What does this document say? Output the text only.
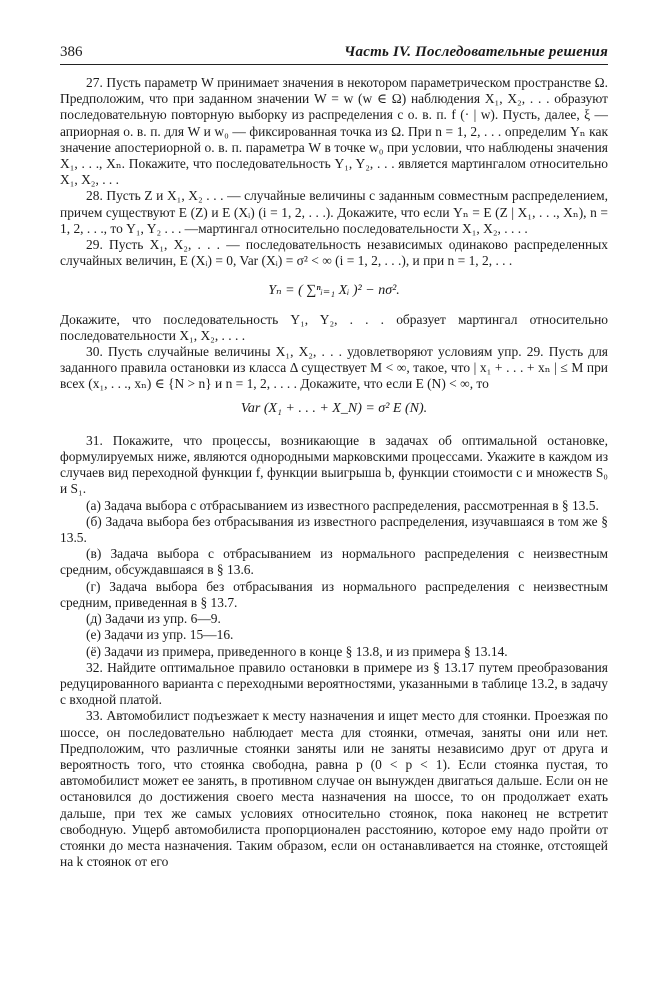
386	Часть IV. Последовательные решения

27. Пусть параметр W принимает значения в некотором параметрическом пространстве Ω. Предположим, что при заданном значении W = w (w ∈ Ω) наблюдения X₁, X₂, . . . образуют последовательную повторную выборку из распределения с о. в. п. f (· | w). Пусть, далее, ξ — априорная о. в. п. для W и w₀ — фиксированная точка из Ω. При n = 1, 2, . . . определим Yₙ как значение апостериорной о. в. п. параметра W в точке w₀ при условии, что наблюдены значения X₁, . . ., Xₙ. Покажите, что последовательность Y₁, Y₂, . . . является мартингалом относительно X₁, X₂, . . .

28. Пусть Z и X₁, X₂ . . . — случайные величины с заданным совместным распределением, причем существуют E (Z) и E (Xᵢ) (i = 1, 2, . . .). Докажите, что если Yₙ = E (Z | X₁, . . ., Xₙ), n = 1, 2, . . ., то Y₁, Y₂ . . . —мартингал относительно последовательности X₁, X₂, . . . .

29. Пусть X₁, X₂, . . . — последовательность независимых одинаково распределенных случайных величин, E (Xᵢ) = 0, Var (Xᵢ) = σ² < ∞ (i = 1, 2, . . .), и при n = 1, 2, . . .

Yₙ = ( ∑ⁿᵢ₌₁ Xᵢ )² − nσ².

Докажите, что последовательность Y₁, Y₂, . . . образует мартингал относительно последовательности X₁, X₂, . . . .

30. Пусть случайные величины X₁, X₂, . . . удовлетворяют условиям упр. 29. Пусть для заданного правила остановки из класса Δ существует M < ∞, такое, что | x₁ + . . . + xₙ | ≤ M при всех (x₁, . . ., xₙ) ∈ {N > n} и n = 1, 2, . . . . Докажите, что если E (N) < ∞, то

Var (X₁ + . . . + X_N) = σ² E (N).

31. Покажите, что процессы, возникающие в задачах об оптимальной остановке, формулируемых ниже, являются однородными марковскими процессами. Укажите в каждом из случаев вид переходной функции f, функции выигрыша b, функции стоимости c и множеств S₀ и S₁.

(а) Задача выбора с отбрасыванием из известного распределения, рассмотренная в § 13.5.

(б) Задача выбора без отбрасывания из известного распределения, изучавшаяся в том же § 13.5.

(в) Задача выбора с отбрасыванием из нормального распределения с неизвестным средним, обсуждавшаяся в § 13.6.

(г) Задача выбора без отбрасывания из нормального распределения с неизвестным средним, приведенная в § 13.7.

(д) Задачи из упр. 6—9.

(е) Задачи из упр. 15—16.

(ё) Задачи из примера, приведенного в конце § 13.8, и из примера § 13.14.

32. Найдите оптимальное правило остановки в примере из § 13.17 путем преобразования редуцированного варианта с переходными вероятностями, указанными в таблице 13.2, в задачу с входной платой.

33. Автомобилист подъезжает к месту назначения и ищет место для стоянки. Проезжая по шоссе, он последовательно наблюдает места для стоянки, отмечая, заняты они или нет. Предположим, что различные стоянки заняты или не заняты независимо друг от друга и вероятность того, что стоянка свободна, равна p (0 < p < 1). Если стоянка пустая, то автомобилист может ее занять, в противном случае он вынужден двигаться дальше. Если он не остановился до достижения своего места назначения на шоссе, то он продолжает ехать дальше, при тех же самых условиях относительно стоянок, пока наконец не встретит свободную. Ущерб автомобилиста пропорционален расстоянию, которое ему надо пройти от стоянки до места назначения. Таким образом, если он останавливается на стоянке, отстоящей на k стоянок от его
